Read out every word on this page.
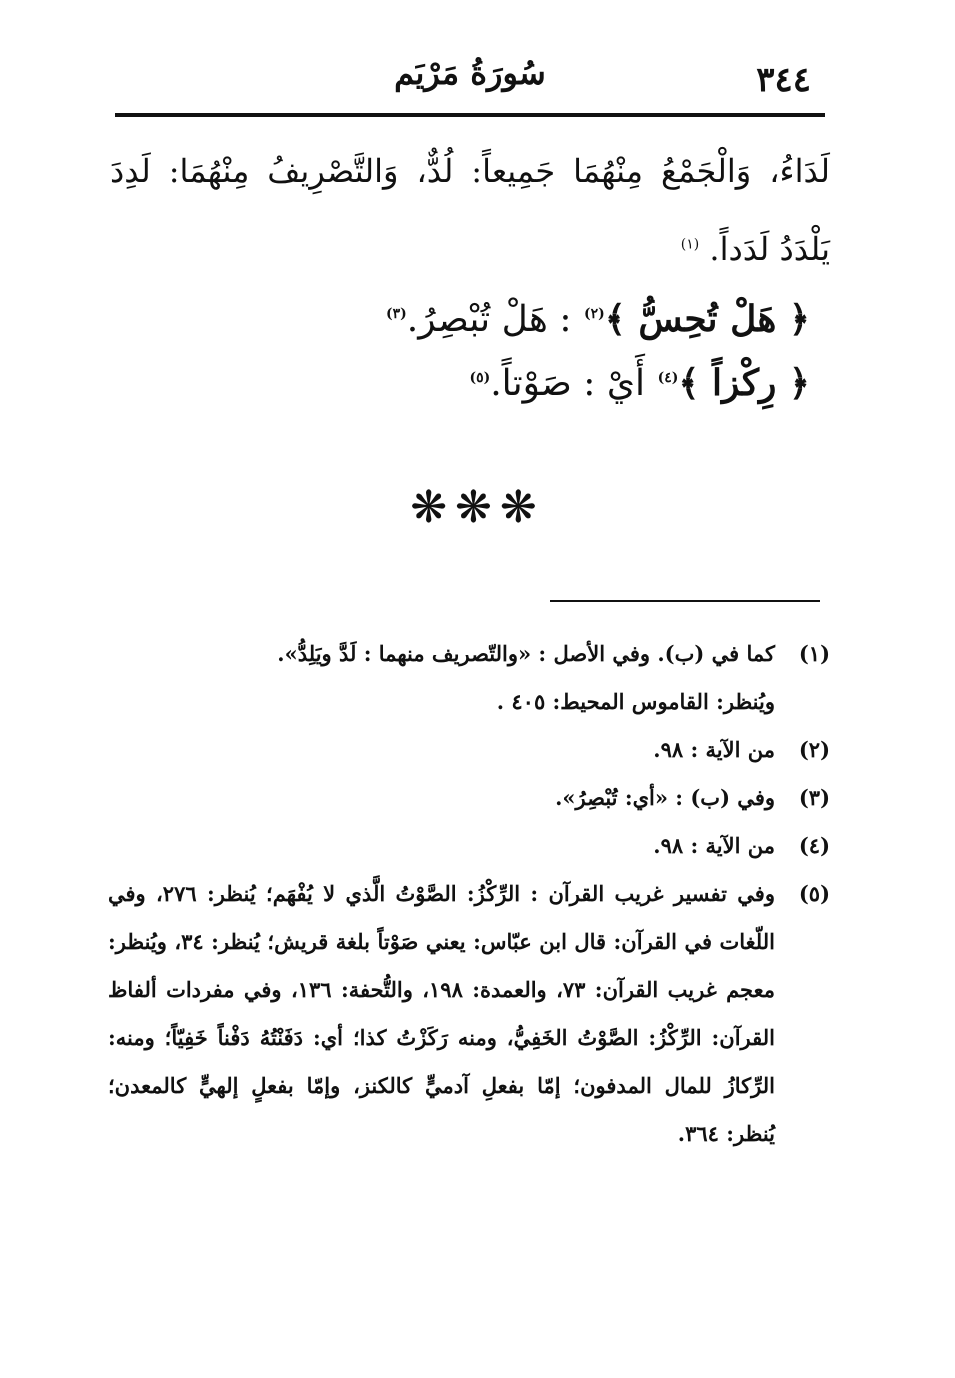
٣٤٤
سُورَةُ مَرْيَم
لَدَاءُ، وَالْجَمْعُ مِنْهُمَا جَمِيعاً: لُدٌّ، وَالتَّصْرِيفُ مِنْهُمَا: لَدِدَ يَلْدَدُ لَدَداً. $^{(١)}$
﴿ هَلْ تُحِسُّ ﴾$^{(٢)}$ : هَلْ تُبْصِرُ.$^{(٣)}$
﴿ رِكْزاً ﴾$^{(٤)}$ أَيْ : صَوْتاً.$^{(٥)}$
❋❋❋
(١)
كما في (ب). وفي الأصل : «والتّصريف منهما : لَدَّ ويَلِدُّ».
ويُنظر: القاموس المحيط: ٤٠٥ .
(٢)
من الآية : ٩٨.
(٣)
وفي (ب) : «أي: تُبْصِرُ».
(٤)
من الآية : ٩٨.
(٥)
وفي تفسير غريب القرآن : الرِّكْزُ: الصَّوْتُ الَّذي لا يُفْهَم؛ يُنظر: ٢٧٦، وفي اللّغات في القرآن: قال ابن عبّاس: يعني صَوْتاً بلغة قريش؛ يُنظر: ٣٤، ويُنظر: معجم غريب القرآن: ٧٣، والعمدة: ١٩٨، والتُّحفة: ١٣٦، وفي مفردات ألفاظ القرآن: الرِّكْزُ: الصَّوْتُ الخَفِيُّ، ومنه رَكَزْتُ كذا؛ أي: دَفَنْتُهُ دَفْناً خَفِيّاً؛ ومنه: الرِّكازُ للمال المدفون؛ إمّا بفعلِ آدميٍّ كالكنز، وإمّا بفعلٍ إلهيٍّ كالمعدن؛ يُنظر: ٣٦٤.
